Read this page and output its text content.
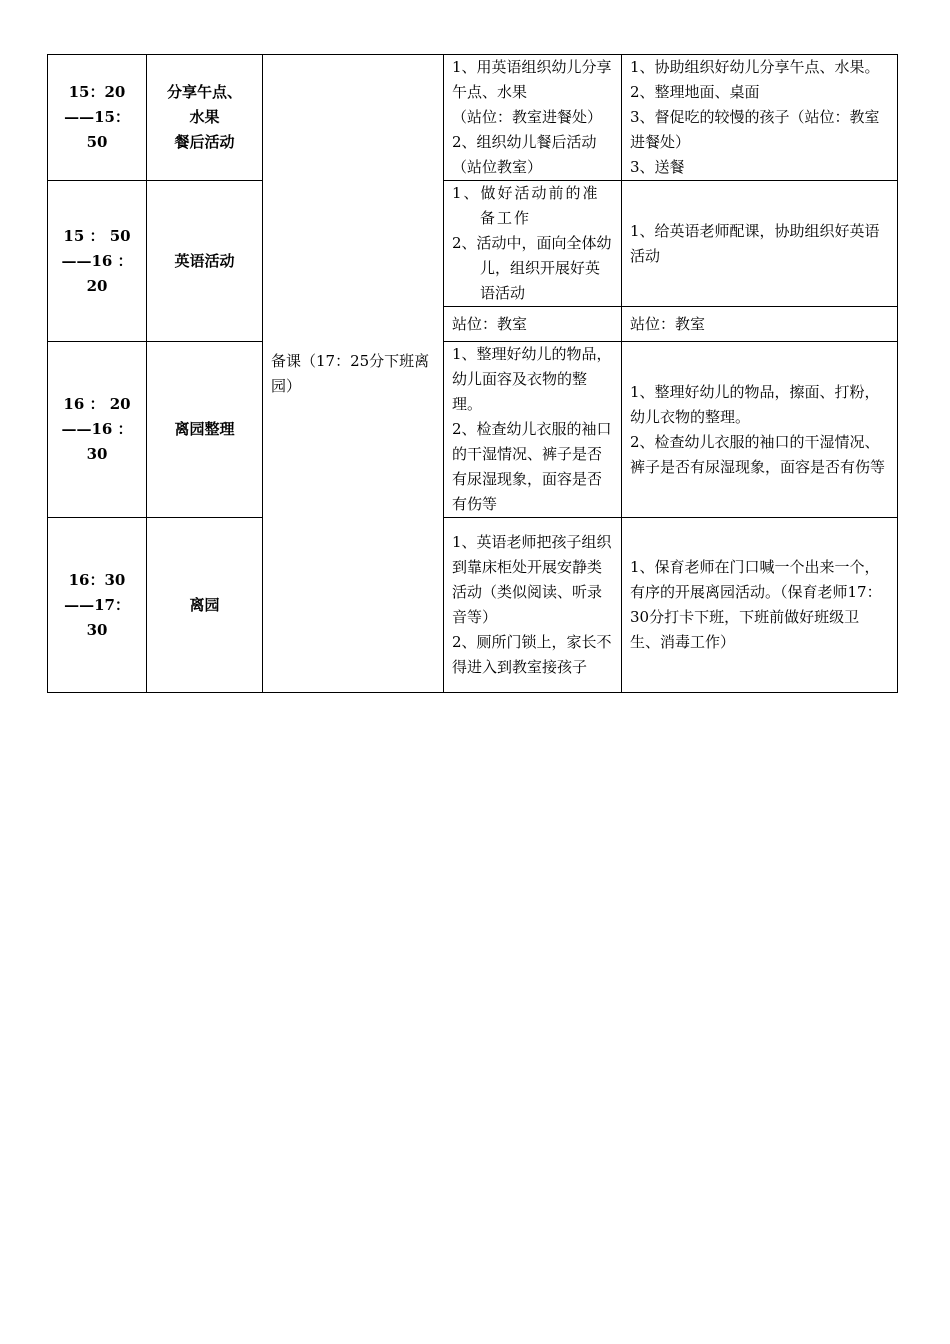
15：20
——15：
50	分享午点、
水果
餐后活动	备课（17：25分下班离园）	1、用英语组织幼儿分享午点、水果
（站位：教室进餐处）
2、组织幼儿餐后活动（站位教室）	1、协助组织好幼儿分享午点、水果。
2、整理地面、桌面
3、督促吃的较慢的孩子（站位：教室进餐处）
3、送餐

15 ： 50
——16 ：
20	英语活动		1、做好活动前的准备工作
2、活动中，面向全体幼儿，组织开展好英语活动	1、给英语老师配课，协助组织好英语活动

			站位：教室	站位：教室

16 ： 20
——16 ：
30	离园整理		1、整理好幼儿的物品，幼儿面容及衣物的整理。
2、检查幼儿衣服的袖口的干湿情况、裤子是否有尿湿现象，面容是否有伤等	1、整理好幼儿的物品，擦面、打粉，幼儿衣物的整理。
2、检查幼儿衣服的袖口的干湿情况、裤子是否有尿湿现象，面容是否有伤等

16：30
——17：
30	离园		1、英语老师把孩子组织到靠床柜处开展安静类活动（类似阅读、听录音等）
2、厕所门锁上，家长不得进入到教室接孩子	1、保育老师在门口喊一个出来一个，有序的开展离园活动。（保育老师17：30分打卡下班，下班前做好班级卫生、消毒工作）
